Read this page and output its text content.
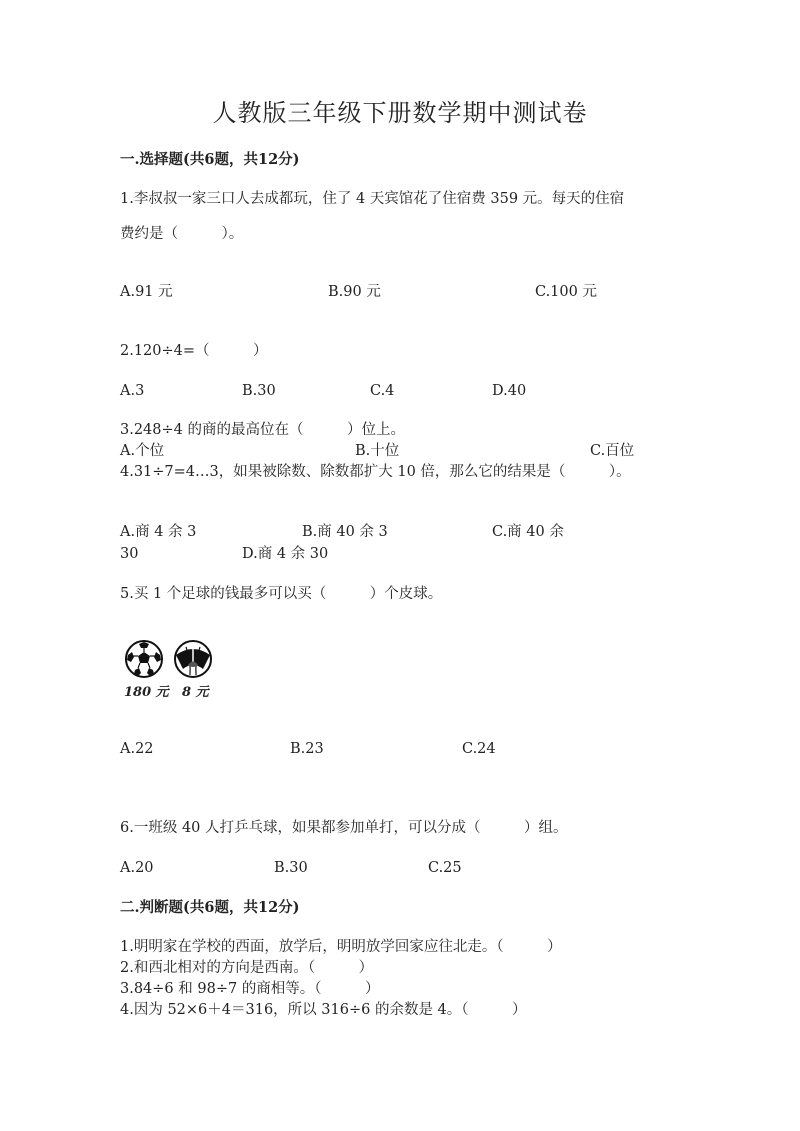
人教版三年级下册数学期中测试卷
一.选择题(共6题，共12分)
1.李叔叔一家三口人去成都玩，住了 4 天宾馆花了住宿费 359 元。每天的住宿
费约是（　　　）。
A.91 元	B.90 元	C.100 元
2.120÷4=（　　　）
A.3	B.30	C.4	D.40
3.248÷4 的商的最高位在（　　　）位上。
A.个位	B.十位	C.百位
4.31÷7=4…3，如果被除数、除数都扩大 10 倍，那么它的结果是（　　　）。
A.商 4 余 3	B.商 40 余 3	C.商 40 余
30	D.商 4 余 30
5.买 1 个足球的钱最多可以买（　　　）个皮球。
180 元 8 元
A.22	B.23	C.24
6.一班级 40 人打乒乓球，如果都参加单打，可以分成（　　　）组。
A.20	B.30	C.25
二.判断题(共6题，共12分)
1.明明家在学校的西面，放学后，明明放学回家应往北走。（　　　）
2.和西北相对的方向是西南。（　　　）
3.84÷6 和 98÷7 的商相等。（　　　）
4.因为 52×6＋4＝316，所以 316÷6 的余数是 4。（　　　）
